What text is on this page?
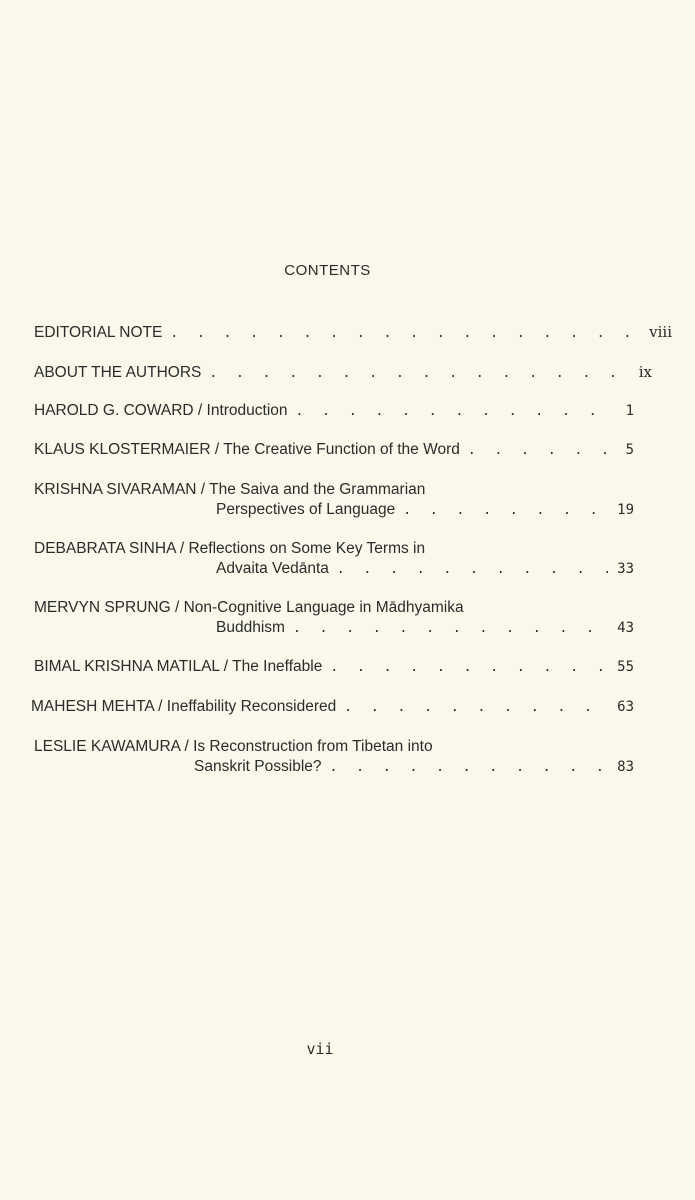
CONTENTS
EDITORIAL NOTE . . .	viii
ABOUT THE AUTHORS . . .	ix
HAROLD G. COWARD / Introduction . . .	1
KLAUS KLOSTERMAIER / The Creative Function of the Word . . .	5
KRISHNA SIVARAMAN / The Saiva and the Grammarian
Perspectives of Language . . .	19
DEBABRATA SINHA / Reflections on Some Key Terms in
Advaita Vedānta . . .	33
MERVYN SPRUNG / Non-Cognitive Language in Mādhyamika
Buddhism . . .	43
BIMAL KRISHNA MATILAL / The Ineffable . . .	55
MAHESH MEHTA / Ineffability Reconsidered . . .	63
LESLIE KAWAMURA / Is Reconstruction from Tibetan into
Sanskrit Possible? . . .	83
vii
